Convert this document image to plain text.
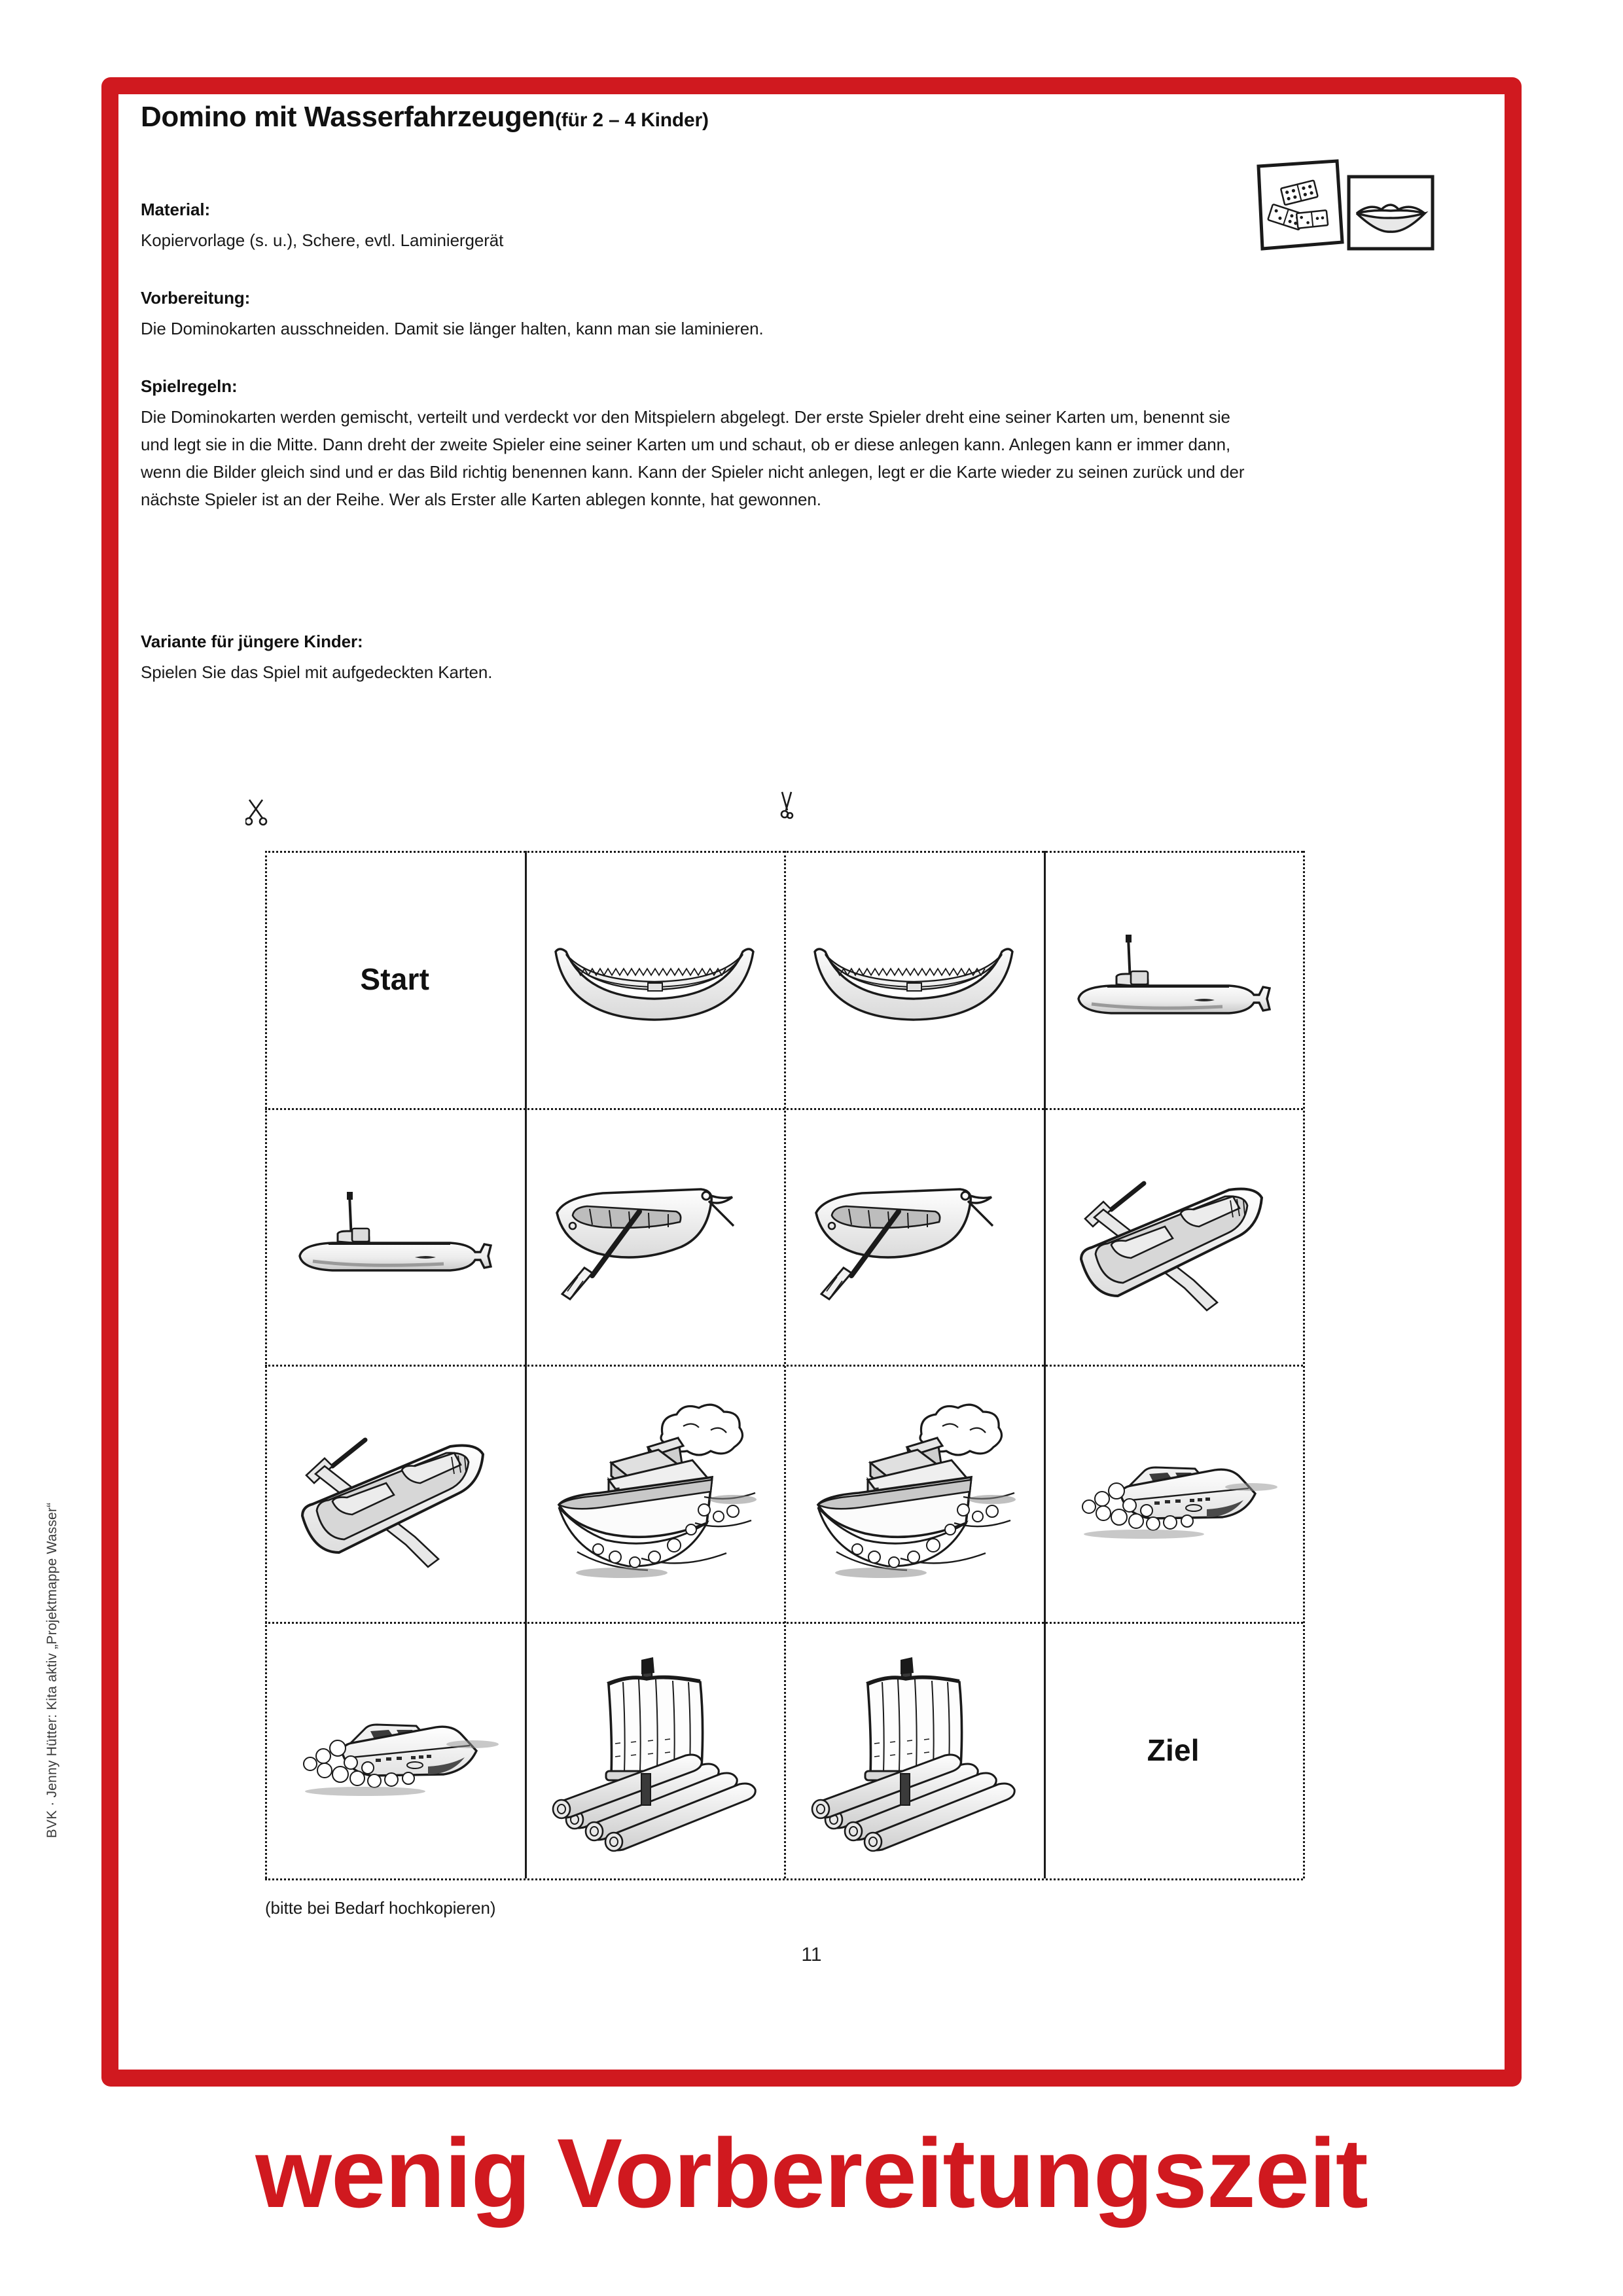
Domino mit Wasserfahrzeugen(für 2 – 4 Kinder)

Material:

Kopiervorlage (s. u.), Schere, evtl. Laminiergerät

Vorbereitung:

Die Dominokarten ausschneiden. Damit sie länger halten, kann man sie laminieren.

Spielregeln:

Die Dominokarten werden gemischt, verteilt und verdeckt vor den Mitspielern abgelegt. Der erste Spieler dreht eine seiner Karten um, benennt sie und legt sie in die Mitte. Dann dreht der zweite Spieler eine seiner Karten um und schaut, ob er diese anlegen kann. Anlegen kann er immer dann, wenn die Bilder gleich sind und er das Bild richtig benennen kann. Kann der Spieler nicht anlegen, legt er die Karte wieder zu seinen zurück und der nächste Spieler ist an der Reihe. Wer als Erster alle Karten ablegen konnte, hat gewonnen.

Variante für jüngere Kinder:

Spielen Sie das Spiel mit aufgedeckten Karten.

Start
Ziel
(bitte bei Bedarf hochkopieren)
11
BVK · Jenny Hütter: Kita aktiv „Projektmappe Wasser“
wenig Vorbereitungszeit
